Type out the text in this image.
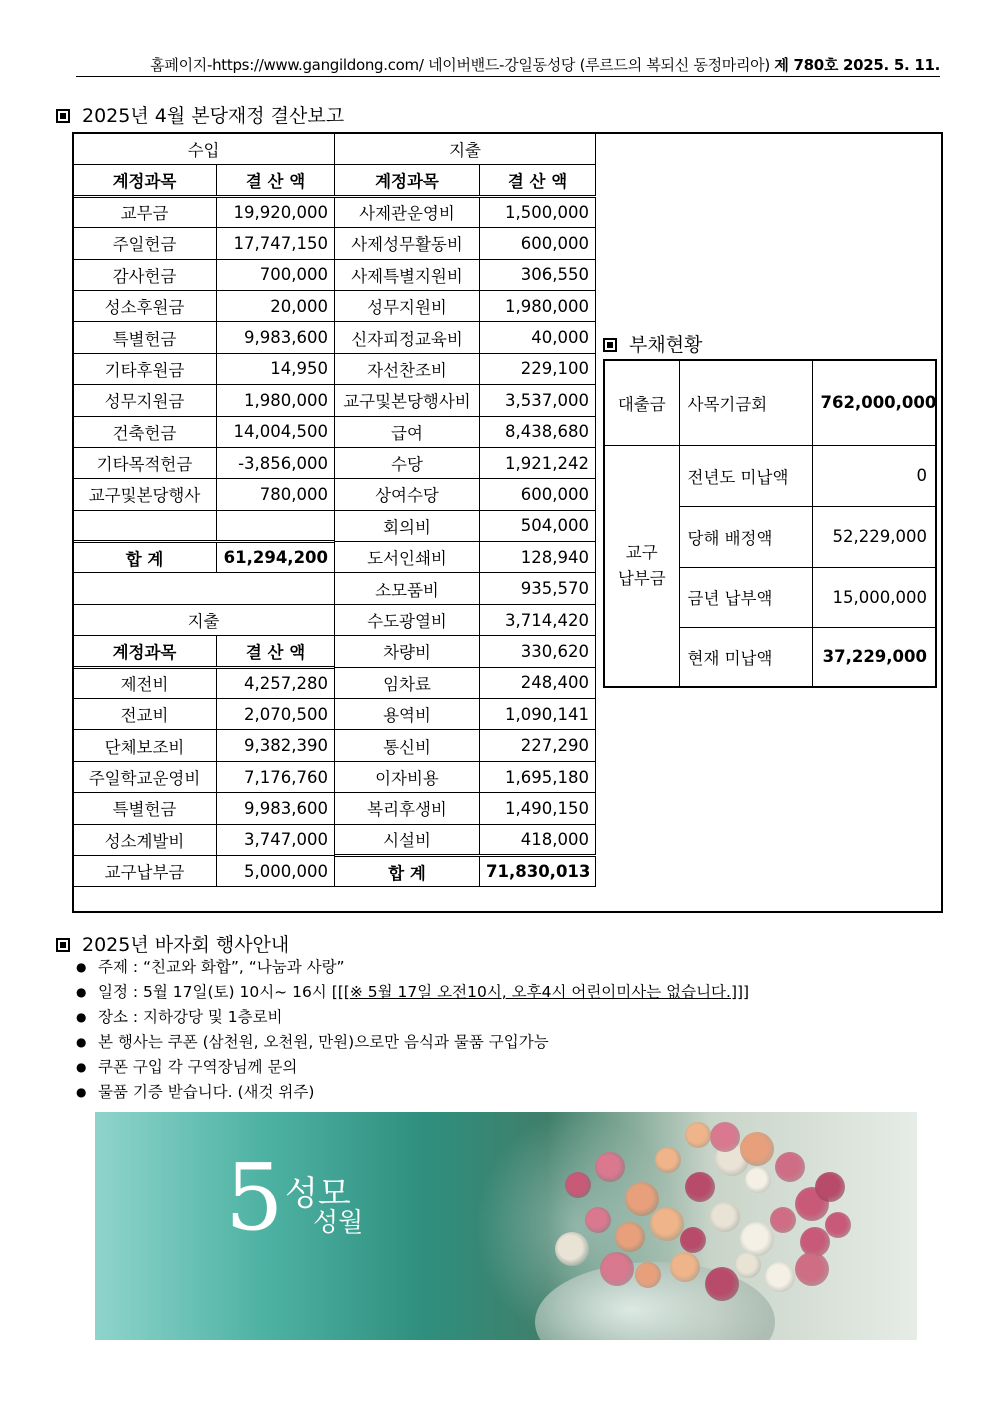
홈페이지-https://www.gangildong.com/ 네이버밴드-강일동성당 (루르드의 복되신 동정마리아) 제 780호 2025. 5. 11.
2025년 4월 본당재정 결산보고
수입	
계정과목	결 산 액
교무금	19,920,000
주일헌금	17,747,150
감사헌금	700,000
성소후원금	20,000
특별헌금	9,983,600
기타후원금	14,950
성무지원금	1,980,000
건축헌금	14,004,500
기타목적헌금	-3,856,000
교구및본당행사	780,000

합 계	61,294,200

지출	
계정과목	결 산 액
제전비	4,257,280
전교비	2,070,500
단체보조비	9,382,390
주일학교운영비	7,176,760
특별헌금	9,983,600
성소계발비	3,747,000
교구납부금	5,000,000
지출	
계정과목	결 산 액
사제관운영비	1,500,000
사제성무활동비	600,000
사제특별지원비	306,550
성무지원비	1,980,000
신자피정교육비	40,000
자선찬조비	229,100
교구및본당행사비	3,537,000
급여	8,438,680
수당	1,921,242
상여수당	600,000
회의비	504,000
도서인쇄비	128,940
소모품비	935,570
수도광열비	3,714,420
차량비	330,620
임차료	248,400
용역비	1,090,141
통신비	227,290
이자비용	1,695,180
복리후생비	1,490,150
시설비	418,000
합 계	71,830,013
부채현황
대출금	사목기금회	762,000,000
교구
납부금	전년도 미납액	0
	당해 배정액	52,229,000
	금년 납부액	15,000,000
	현재 미납액	37,229,000
2025년 바자회 행사안내
● 주제 : “친교와 화합”, “나눔과 사랑”
● 일정 : 5월 17일(토) 10시~ 16시 [[[※ 5월 17일 오전10시, 오후4시 어린이미사는 없습니다.]]]
● 장소 : 지하강당 및 1층로비
● 본 행사는 쿠폰 (삼천원, 오천원, 만원)으로만 음식과 물품 구입가능
● 쿠폰 구입 각 구역장님께 문의
● 물품 기증 받습니다. (새것 위주)
5 성모
성월
